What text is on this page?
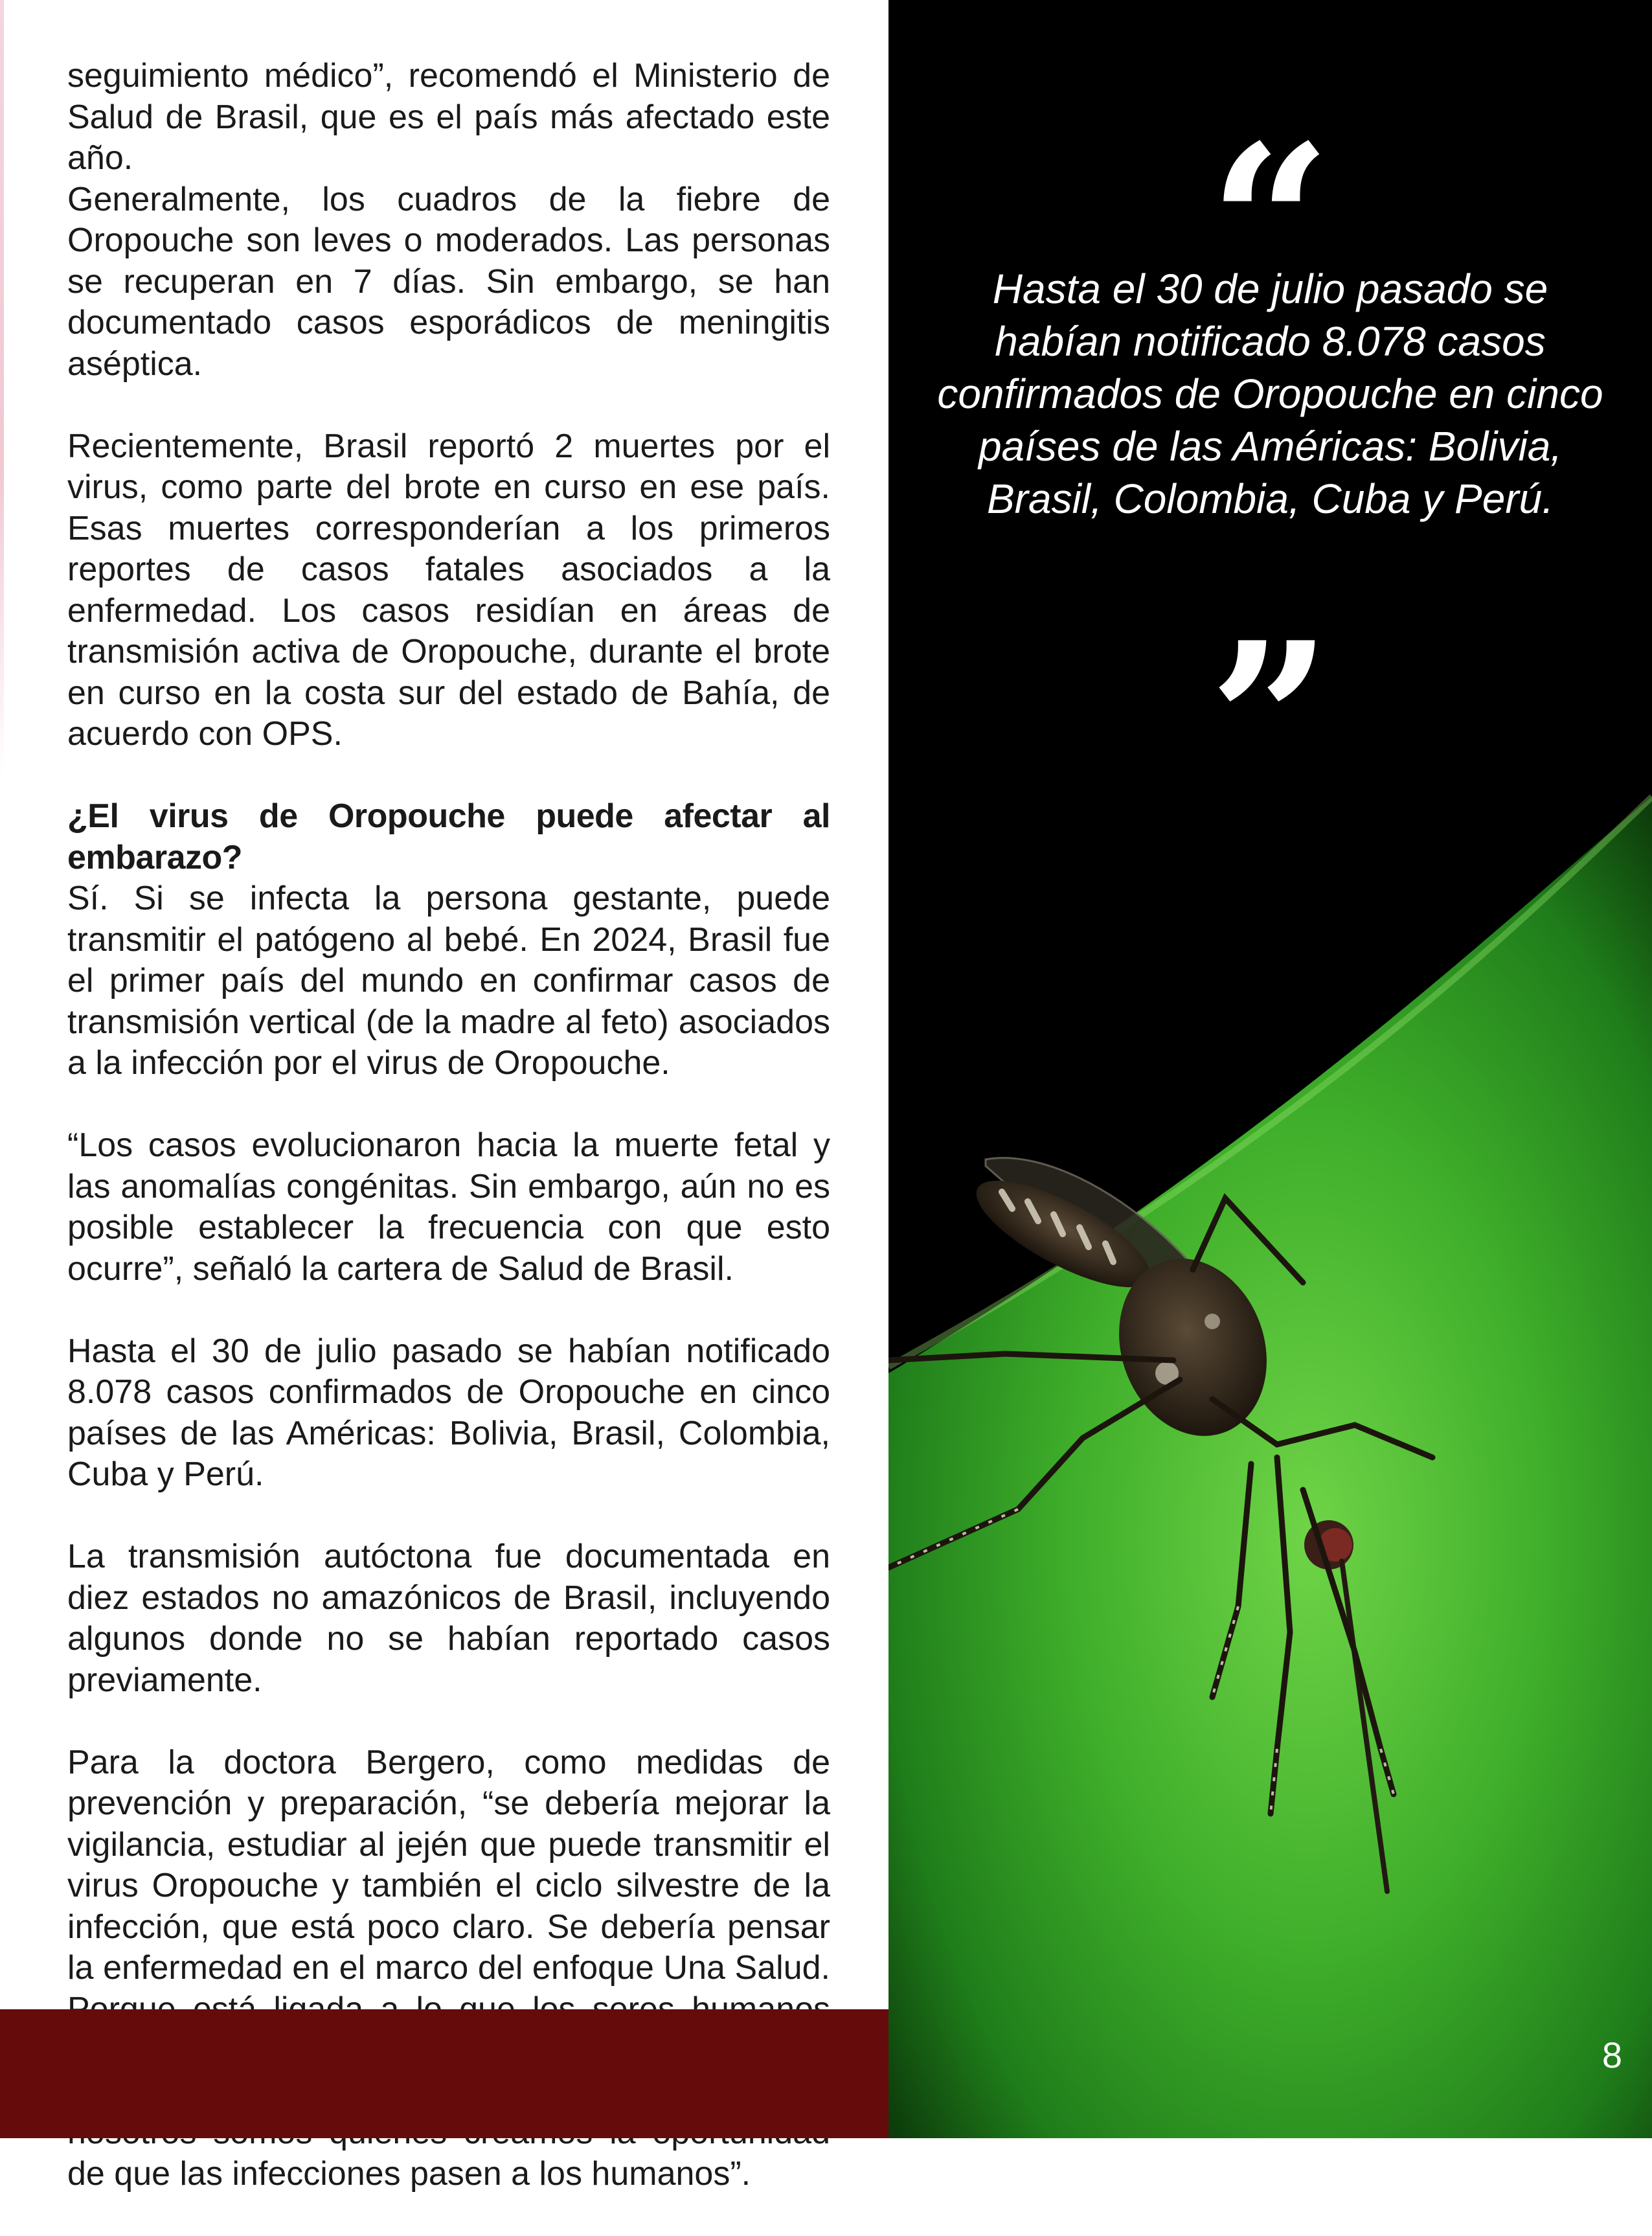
seguimiento médico”, recomendó el Ministerio de Salud de Brasil, que es el país más afectado este año.

Generalmente, los cuadros de la fiebre de Oropouche son leves o moderados. Las personas se recuperan en 7 días. Sin embargo, se han documentado casos esporádicos de meningitis aséptica.

Recientemente, Brasil reportó 2 muertes por el virus, como parte del brote en curso en ese país. Esas muertes corresponderían a los primeros reportes de casos fatales asociados a la enfermedad. Los casos residían en áreas de transmisión activa de Oropouche, durante el brote en curso en la costa sur del estado de Bahía, de acuerdo con OPS.

¿El virus de Oropouche puede afectar al embarazo?

Sí. Si se infecta la persona gestante, puede transmitir el patógeno al bebé. En 2024, Brasil fue el primer país del mundo en confirmar casos de transmisión vertical (de la madre al feto) asociados a la infección por el virus de Oropouche.

“Los casos evolucionaron hacia la muerte fetal y las anomalías congénitas. Sin embargo, aún no es posible establecer la frecuencia con que esto ocurre”, señaló la cartera de Salud de Brasil.

Hasta el 30 de julio pasado se habían notificado 8.078 casos confirmados de Oropouche en cinco países de las Américas: Bolivia, Brasil, Colombia, Cuba y Perú.

La transmisión autóctona fue documentada en diez estados no amazónicos de Brasil, incluyendo algunos donde no se habían reportado casos previamente.

Para la doctora Bergero, como medidas de prevención y preparación, “se debería mejorar la vigilancia, estudiar al jején que puede transmitir el virus Oropouche y también el ciclo silvestre de la infección, que está poco claro. Se debería pensar la enfermedad en el marco del enfoque Una Salud. de que las infecciones pasen a los humanos”.

“
Hasta el 30 de julio pasado se habían notificado 8.078 casos confirmados de Oropouche en cinco países de las Américas: Bolivia, Brasil, Colombia, Cuba y Perú.
”
8
